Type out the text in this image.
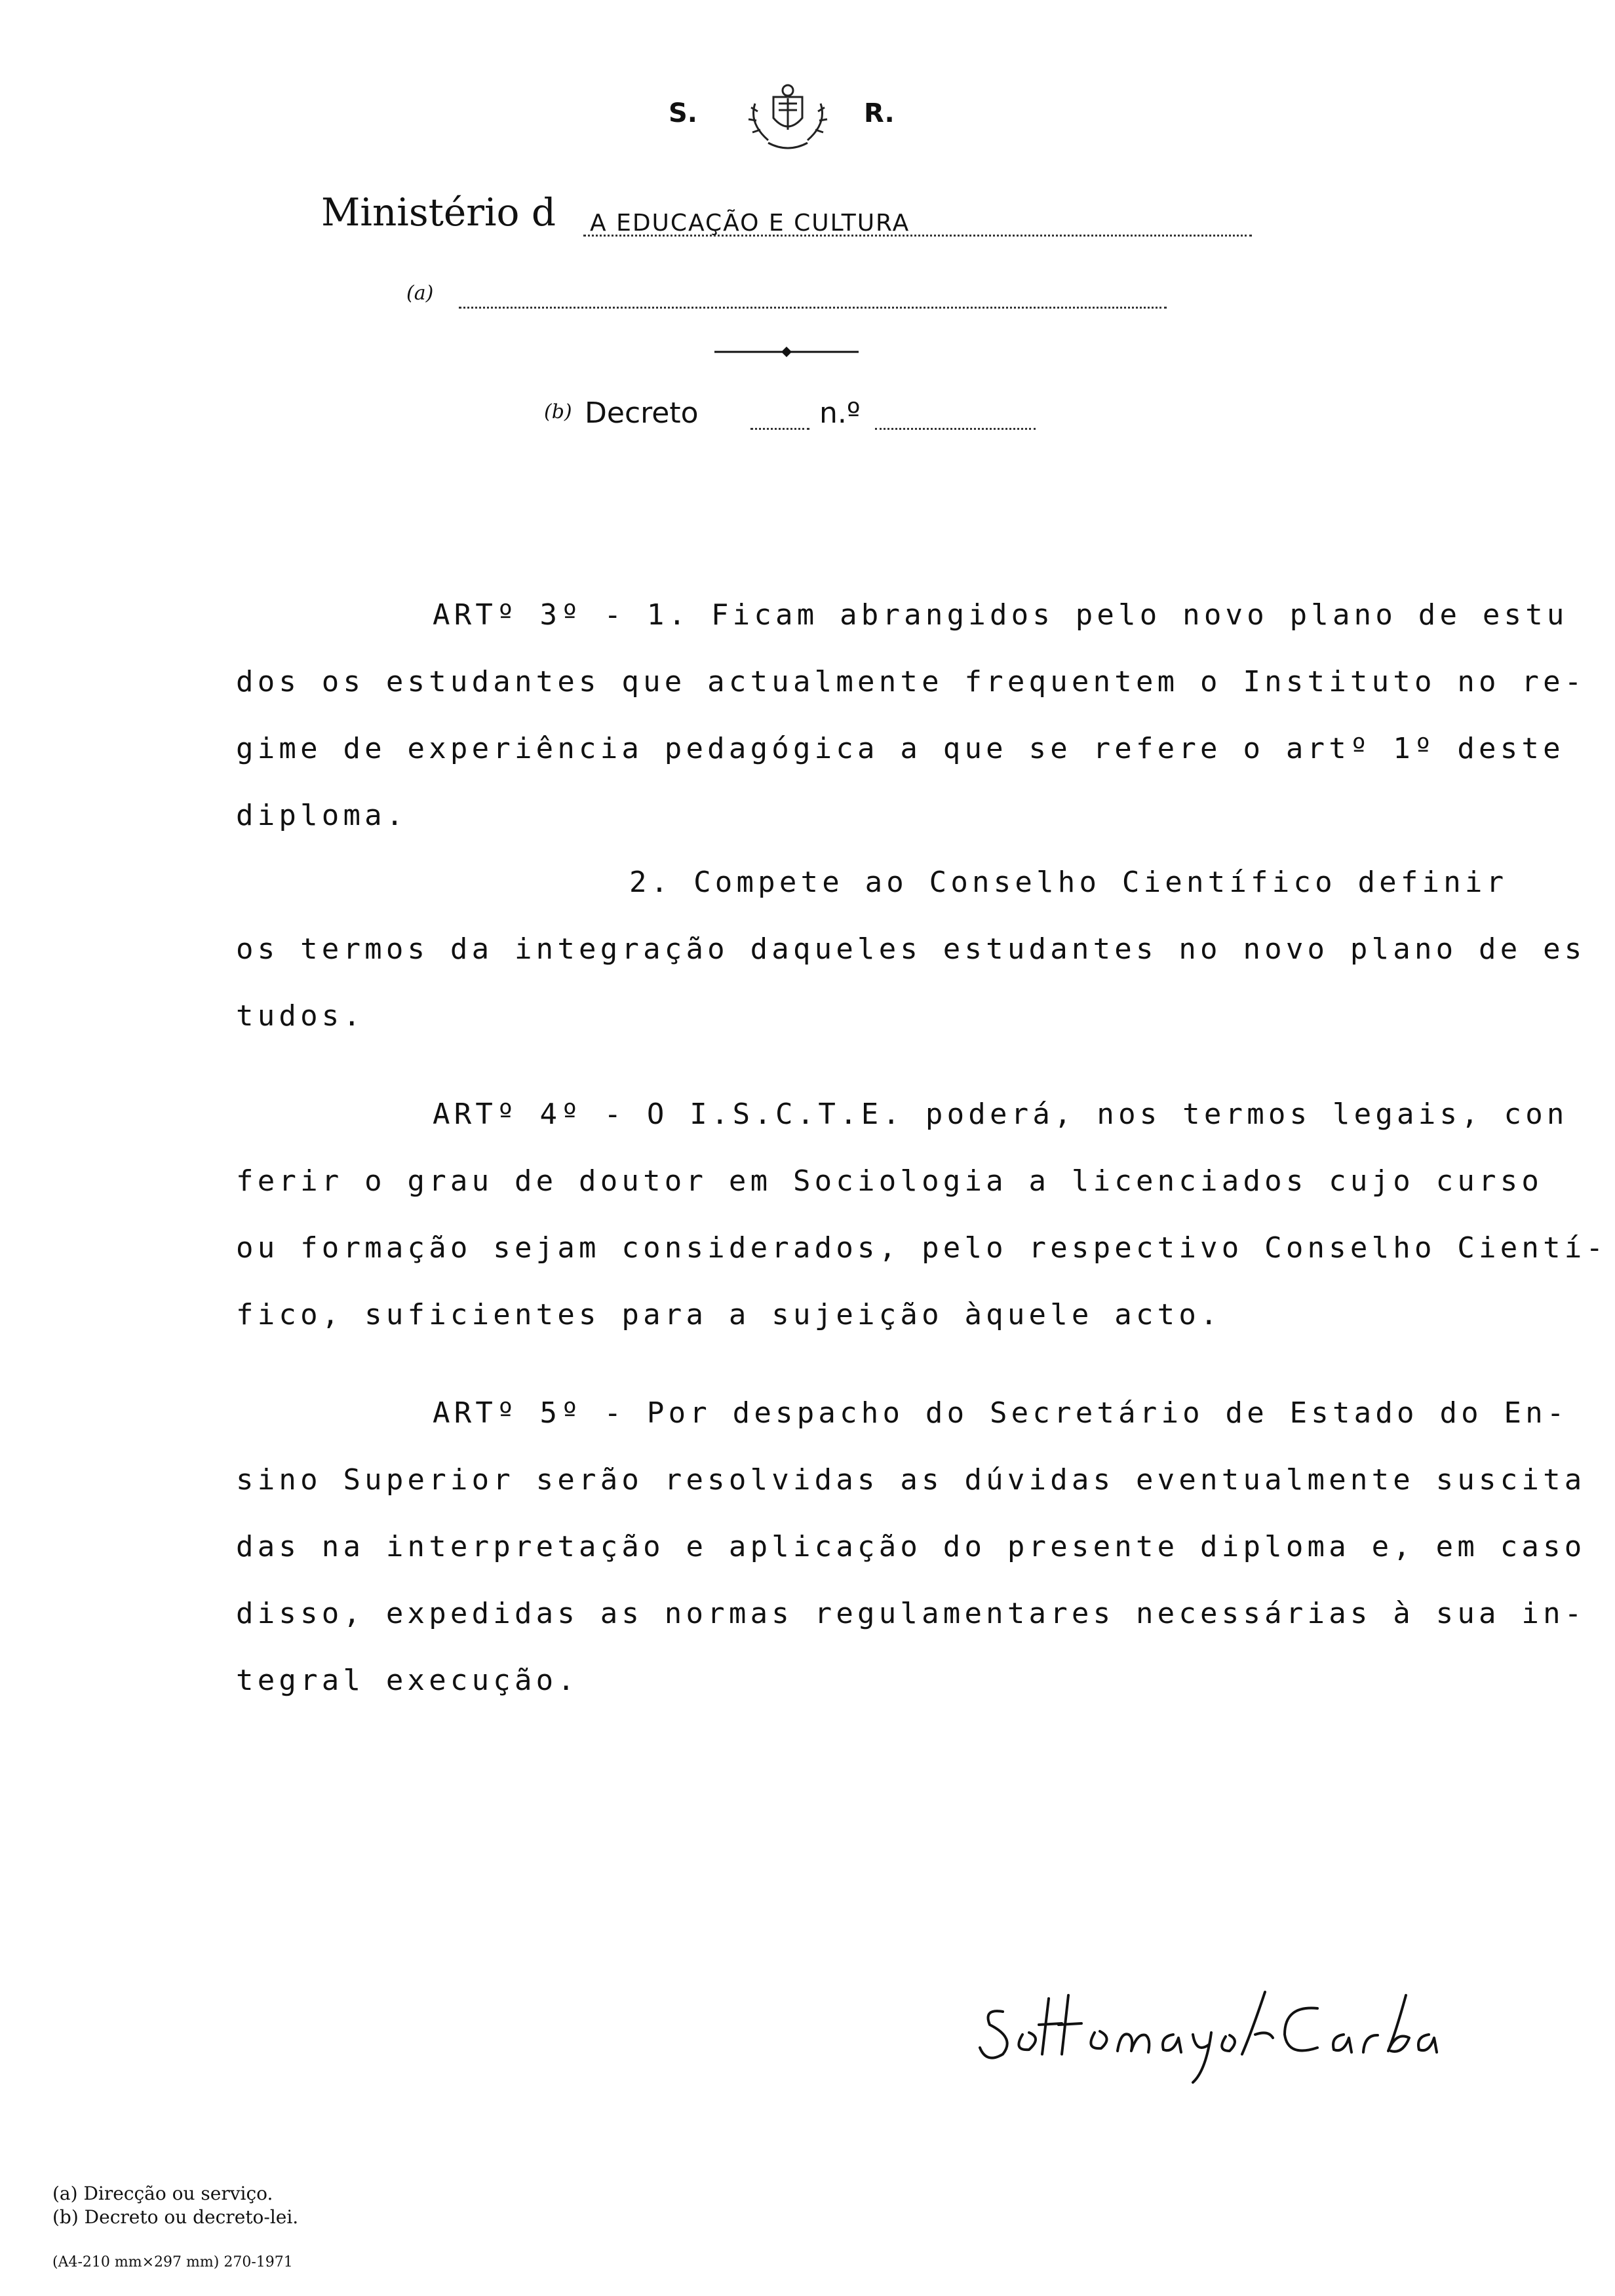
S.	R.
Ministério d A EDUCAÇÃO E CULTURA
(a)
(b) Decreto	n.º
ARTº 3º - 1. Ficam abrangidos pelo novo plano de estu
dos os estudantes que actualmente frequentem o Instituto no re-
gime de experiência pedagógica a que se refere o artº 1º deste
diploma.
2. Compete ao Conselho Científico definir
os termos da integração daqueles estudantes no novo plano de es
tudos.
ARTº 4º - O I.S.C.T.E. poderá, nos termos legais, con
ferir o grau de doutor em Sociologia a licenciados cujo curso
ou formação sejam considerados, pelo respectivo Conselho Cientí-
fico, suficientes para a sujeição àquele acto.
ARTº 5º - Por despacho do Secretário de Estado do En-
sino Superior serão resolvidas as dúvidas eventualmente suscita
das na interpretação e aplicação do presente diploma e, em caso
disso, expedidas as normas regulamentares necessárias à sua in-
tegral execução.
(a) Direcção ou serviço.
(b) Decreto ou decreto-lei.
(A4-210 mm×297 mm) 270-1971
